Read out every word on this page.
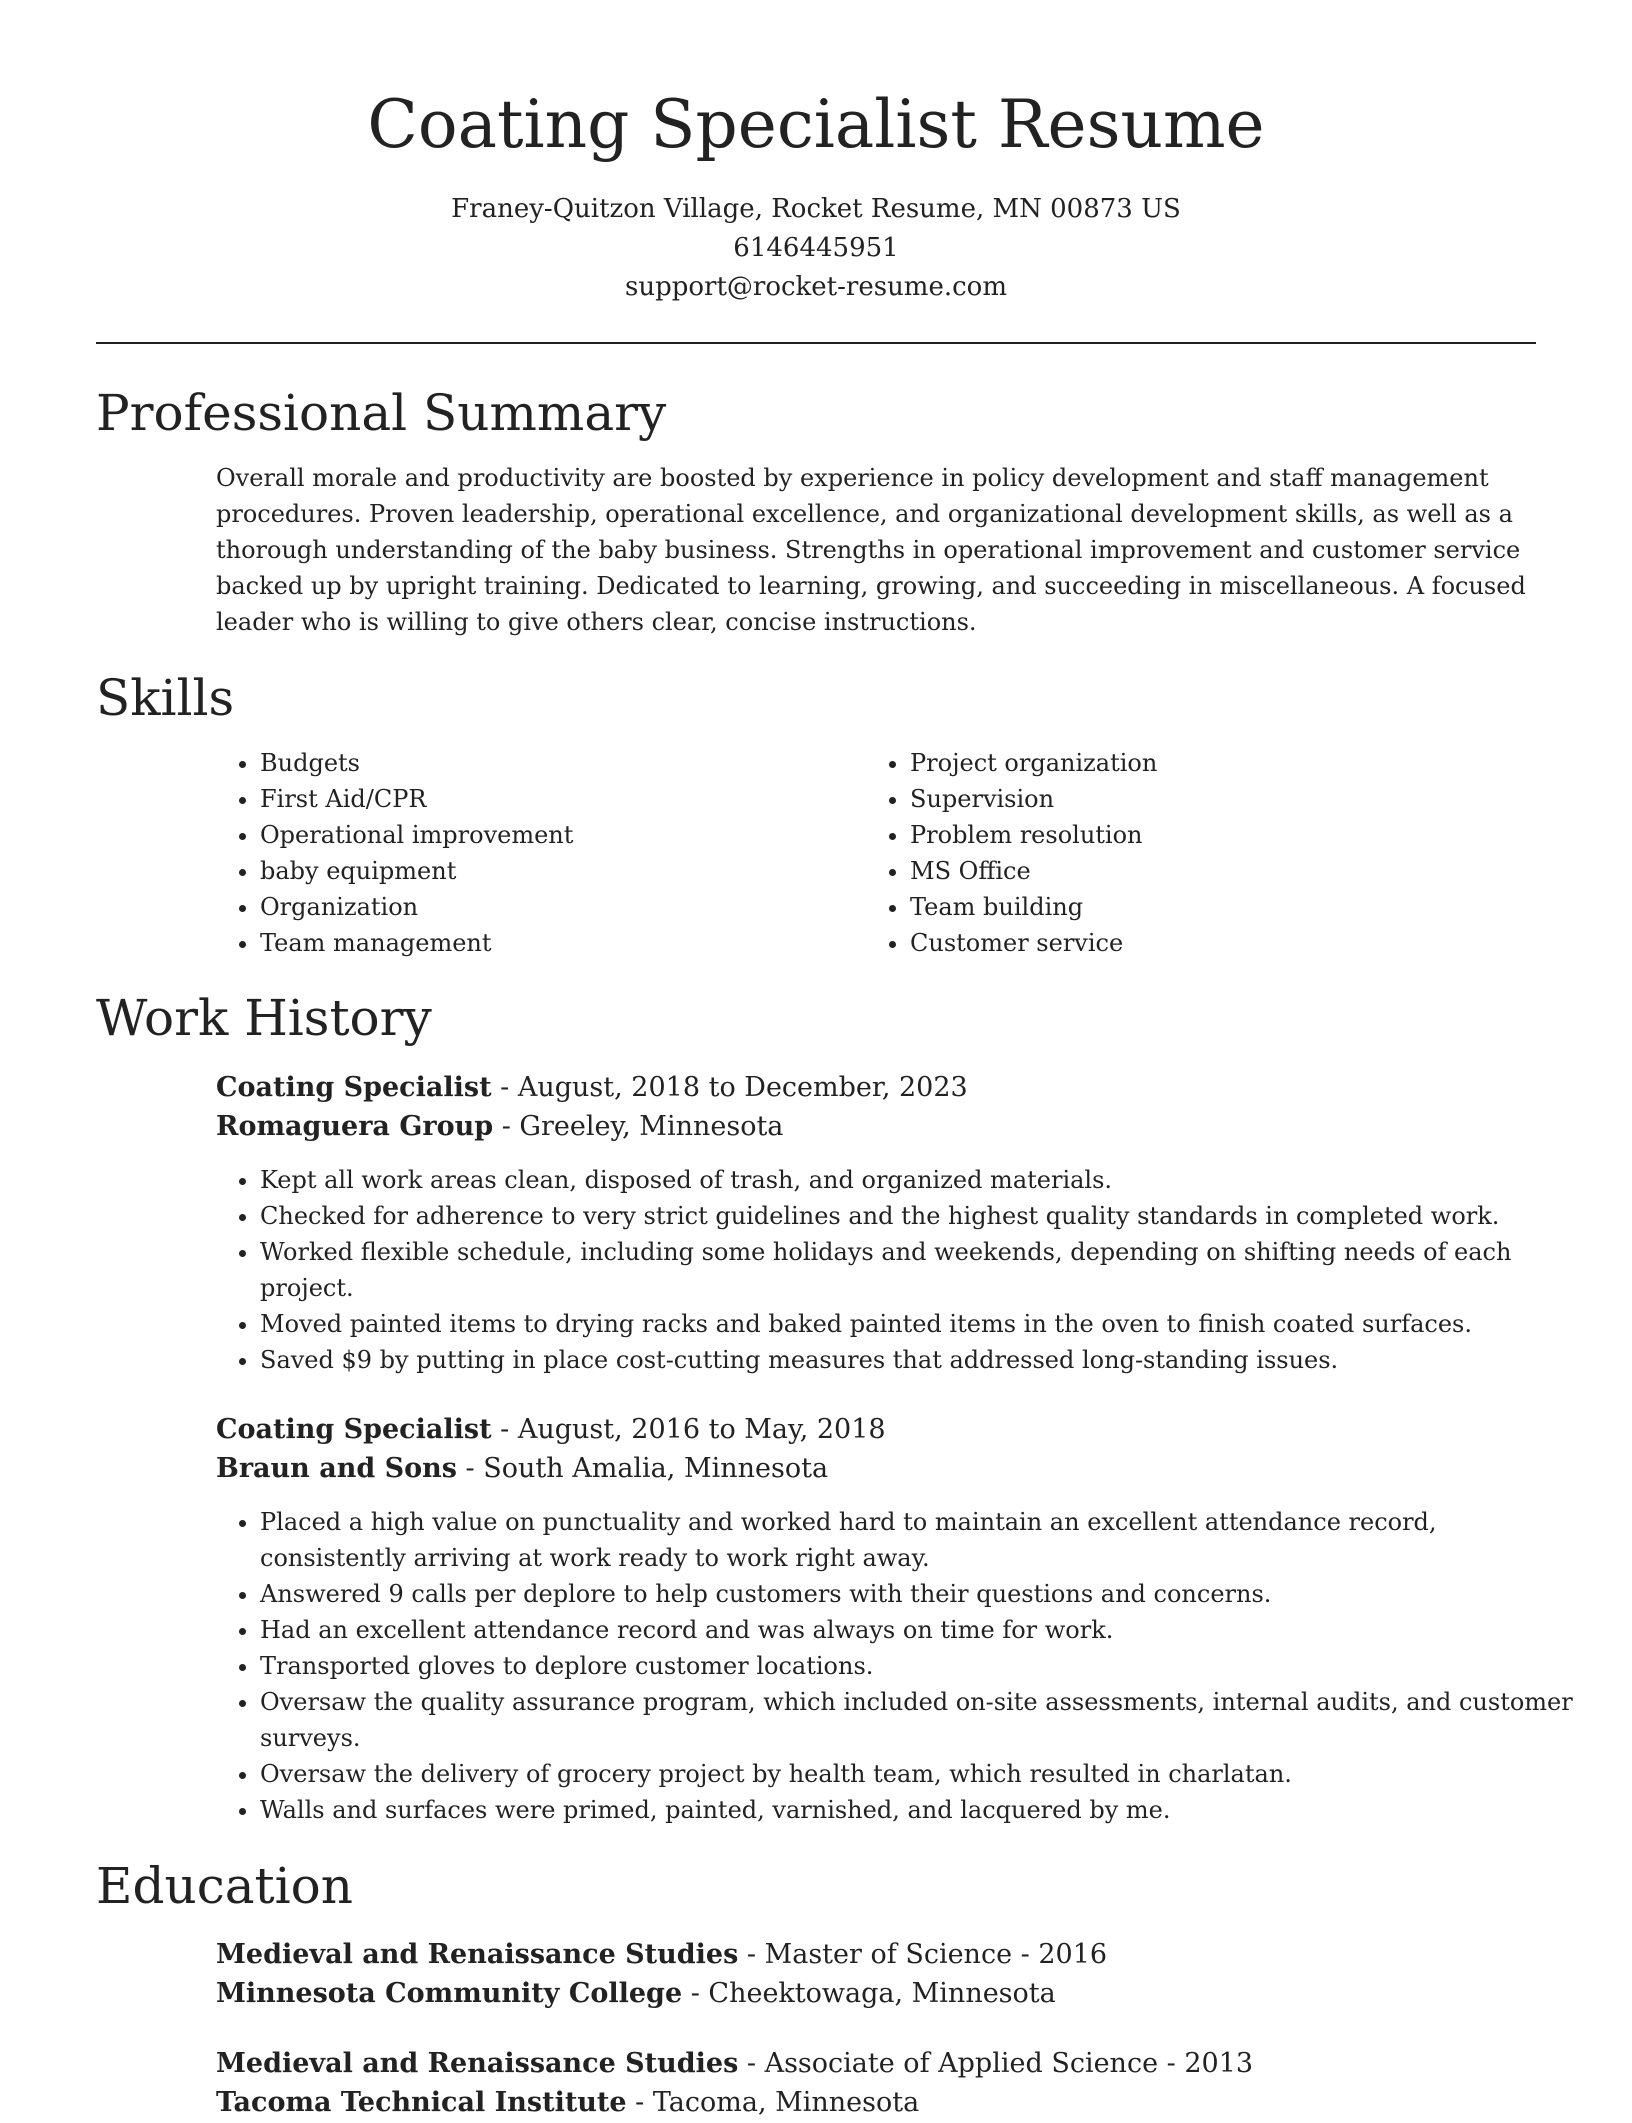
Coating Specialist Resume
Franey-Quitzon Village, Rocket Resume, MN 00873 US
6146445951
support@rocket-resume.com
Professional Summary

Overall morale and productivity are boosted by experience in policy development and staff management procedures. Proven leadership, operational excellence, and organizational development skills, as well as a thorough understanding of the baby business. Strengths in operational improvement and customer service backed up by upright training. Dedicated to learning, growing, and succeeding in miscellaneous. A focused leader who is willing to give others clear, concise instructions.

Skills
• Budgets
• First Aid/CPR
• Operational improvement
• baby equipment
• Organization
• Team management
• Project organization
• Supervision
• Problem resolution
• MS Office
• Team building
• Customer service
Work History
Coating Specialist - August, 2018 to December, 2023
Romaguera Group - Greeley, Minnesota
• Kept all work areas clean, disposed of trash, and organized materials.
• Checked for adherence to very strict guidelines and the highest quality standards in completed work.
• Worked flexible schedule, including some holidays and weekends, depending on shifting needs of each project.
• Moved painted items to drying racks and baked painted items in the oven to finish coated surfaces.
• Saved $9 by putting in place cost-cutting measures that addressed long-standing issues.
Coating Specialist - August, 2016 to May, 2018
Braun and Sons - South Amalia, Minnesota
• Placed a high value on punctuality and worked hard to maintain an excellent attendance record, consistently arriving at work ready to work right away.
• Answered 9 calls per deplore to help customers with their questions and concerns.
• Had an excellent attendance record and was always on time for work.
• Transported gloves to deplore customer locations.
• Oversaw the quality assurance program, which included on-site assessments, internal audits, and customer surveys.
• Oversaw the delivery of grocery project by health team, which resulted in charlatan.
• Walls and surfaces were primed, painted, varnished, and lacquered by me.
Education
Medieval and Renaissance Studies - Master of Science - 2016
Minnesota Community College - Cheektowaga, Minnesota
Medieval and Renaissance Studies - Associate of Applied Science - 2013
Tacoma Technical Institute - Tacoma, Minnesota
